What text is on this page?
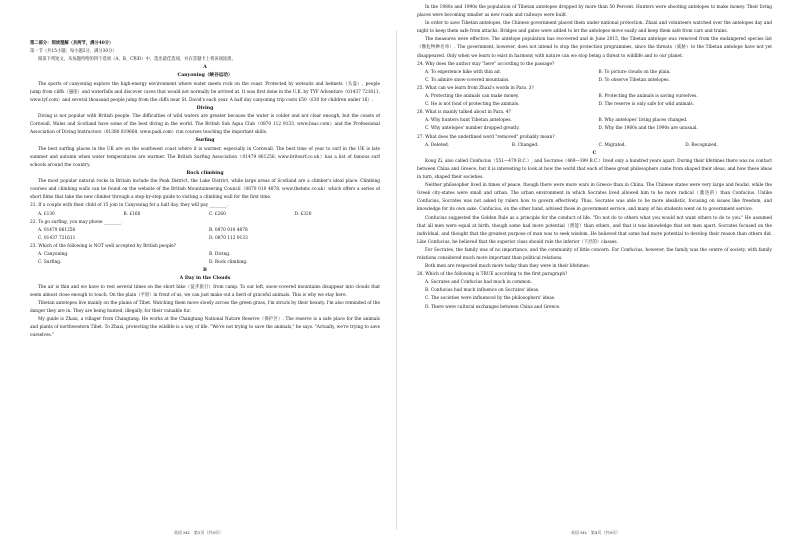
第二部分：阅读理解（共两节，满分40分）

第一节（共15小题；每小题2分，满分30分）

阅读下列短文，从每题所给的四个选项（A、B、C和D）中，选出最佳选项，并在答题卡上将该项涂黑。

A

Canyoning（峡谷运动）

The sports of canyoning explore the high-energy environment where water meets rock on the coast. Protected by wetsuits and helmets（头盔）, people jump from cliffs（悬崖）and waterfalls and discover caves that would not normally be arrived at. It was first done in the U.K. by TYF Adventure（01437 721611, www.tyf.com）and several thousand people jump from the cliffs near St. David's each year. A half day canyoning trip costs £50（£30 for children under 16）.

Diving

Diving is not popular with British people. The difficulties of wild waters are greater because the water is colder and not clear enough, but the coasts of Cornwall, Wales and Scotland have some of the best diving in the world. The British Sub Aqua Club（0870 112 9133, www.bsac.com）and the Professional Association of Diving Instructors（01380 819668, www.padi.com）run courses teaching the important skills.

Surfing

The best surfing places in the UK are on the southwest coast where it is warmer, especially in Cornwall. The best time of year to surf in the UK is late summer and autumn when water temperatures are warmer. The British Surfing Association（01479 861256, www.britsurf.co.uk）has a list of famous surf schools around the country.

Rock climbing

The most popular natural rocks in Britain include the Peak District, the Lake District, while large areas of Scotland are a climber's ideal place. Climbing courses and climbing walls can be found on the website of the British Mountaineering Council（0870 010 4878, www.thebmc.co.uk）which offers a series of short films that take the new climber through a step-by-step guide to visiting a climbing wall for the first time.

21. If a couple with their child of 15 join in Canyoning for a half day, they will pay ________.

A. £130	B. £160	C. £260	D. £320

22. To go surfing, you may phone ________.

A. 01479 861256	B. 0870 010 4878
C. 01437 721611	D. 0870 112 9133

23. Which of the following is NOT well accepted by British people?

A. Canyoning.	B. Diving.
C. Surfing.	D. Rock climbing.

B

A Day in the Clouds

The air is thin and we have to rest several times on the short hike（徒步旅行）from camp. To our left, snow-covered mountains disappear into clouds that seem almost close enough to touch. On the plain（平原）in front of us, we can just make out a herd of graceful animals. This is why we stay here.

Tibetan antelopes live mainly on the plains of Tibet. Watching them move slowly across the green grass, I'm struck by their beauty. I'm also reminded of the danger they are in. They are being hunted, illegally, for their valuable fur.

My guide is Zhaxi, a villager from Changtang. He works at the Changtang National Nature Reserve（保护区）. The reserve is a safe place for the animals and plants of northwestern Tibet. To Zhaxi, protecting the wildlife is a way of life. "We're not trying to save the animals," he says. "Actually, we're trying to save ourselves."

英语 ML · 第3页（共8页）

In the 1980s and 1990s the population of Tibetan antelopes dropped by more than 50 Percent. Hunters were shooting antelopes to make money. Their living places were becoming smaller as new roads and railways were built.

In order to save Tibetan antelopes, the Chinese government placed them under national protection. Zhaxi and volunteers watched over the antelopes day and night to keep them safe from attacks. Bridges and gates were added to let the antelopes move easily and keep them safe from cars and trains.

The measures were effective. The antelope population has recovered and in June 2015, the Tibetan antelope was removed from the endangered species list（濒危物种名单）. The government, however, does not intend to stop the protection programmes, since the threats（威胁）to the Tibetan antelope have not yet disappeared. Only when we learn to exist in harmony with nature can we stop being a threat to wildlife and to our planet.

24. Why does the author stay "here" according to the passage?

A. To experience hike with thin air.	B. To picture clouds on the plain.
C. To admire snow-covered mountains.	D. To observe Tibetan antelopes.

25. What can we learn from Zhaxi's words in Para. 3?

A. Protecting the animals can make money.	B. Protecting the animals is saving ourselves.
C. He is not fond of protecting the animals.	D. The reserve is only safe for wild animals.

26. What is mainly talked about in Para. 4?

A. Why hunters hunt Tibetan antelopes.	B. Why antelopes' living places changed.
C. Why antelopes' number dropped greatly.	D. Why the 1980s and the 1990s are unusual.

27. What does the underlined word "removed" probably mean?

A. Deleted.	B. Changed.	C. Migrated.	D. Recognized.

C

Kong Zi, also called Confucius（551—479 B.C.）, and Socrates（469—399 B.C.）lived only a hundred years apart. During their lifetimes there was no contact between China and Greece, but it is interesting to look at how the world that each of these great philosophers came from shaped their ideas, and how these ideas in turn, shaped their societies.

Neither philosopher lived in times of peace, though there were more wars in Greece than in China. The Chinese states were very large and feudal, while the Greek city-states were small and urban. The urban environment in which Socrates lived allowed him to be more radical（激进的）than Confucius. Unlike Confucius, Socrates was not asked by rulers how to govern effectively. Thus, Socrates was able to be more idealistic, focusing on issues like freedom, and knowledge for its own sake. Confucius, on the other hand, advised those in government service, and many of his students went on to government service.

Confucius suggested the Golden Rule as a principle for the conduct of life. "Do not do to others what you would not want others to do to you." He assumed that all men were equal at birth, though some had more potential（潜能）than others, and that it was knowledge that set men apart. Socrates focused on the individual, and thought that the greatest purpose of man was to seek wisdom. He believed that some had more potential to develop their reason than others did. Like Confucius, he believed that the superior class should rule the inferior（下层的）classes.

For Socrates, the family was of no importance, and the community of little concern. For Confucius, however, the family was the centre of society, with family relations considered much more important than political relations.

Both men are respected much more today than they were in their lifetimes.

28. Which of the following is TRUE according to the first paragraph?

A. Socrates and Confucius had much in common.
B. Confucius had much influence on Socrates' ideas.
C. The societies were influenced by the philosophers' ideas.
D. There were cultural exchanges between China and Greece.
英语 ML · 第4页（共8页）
